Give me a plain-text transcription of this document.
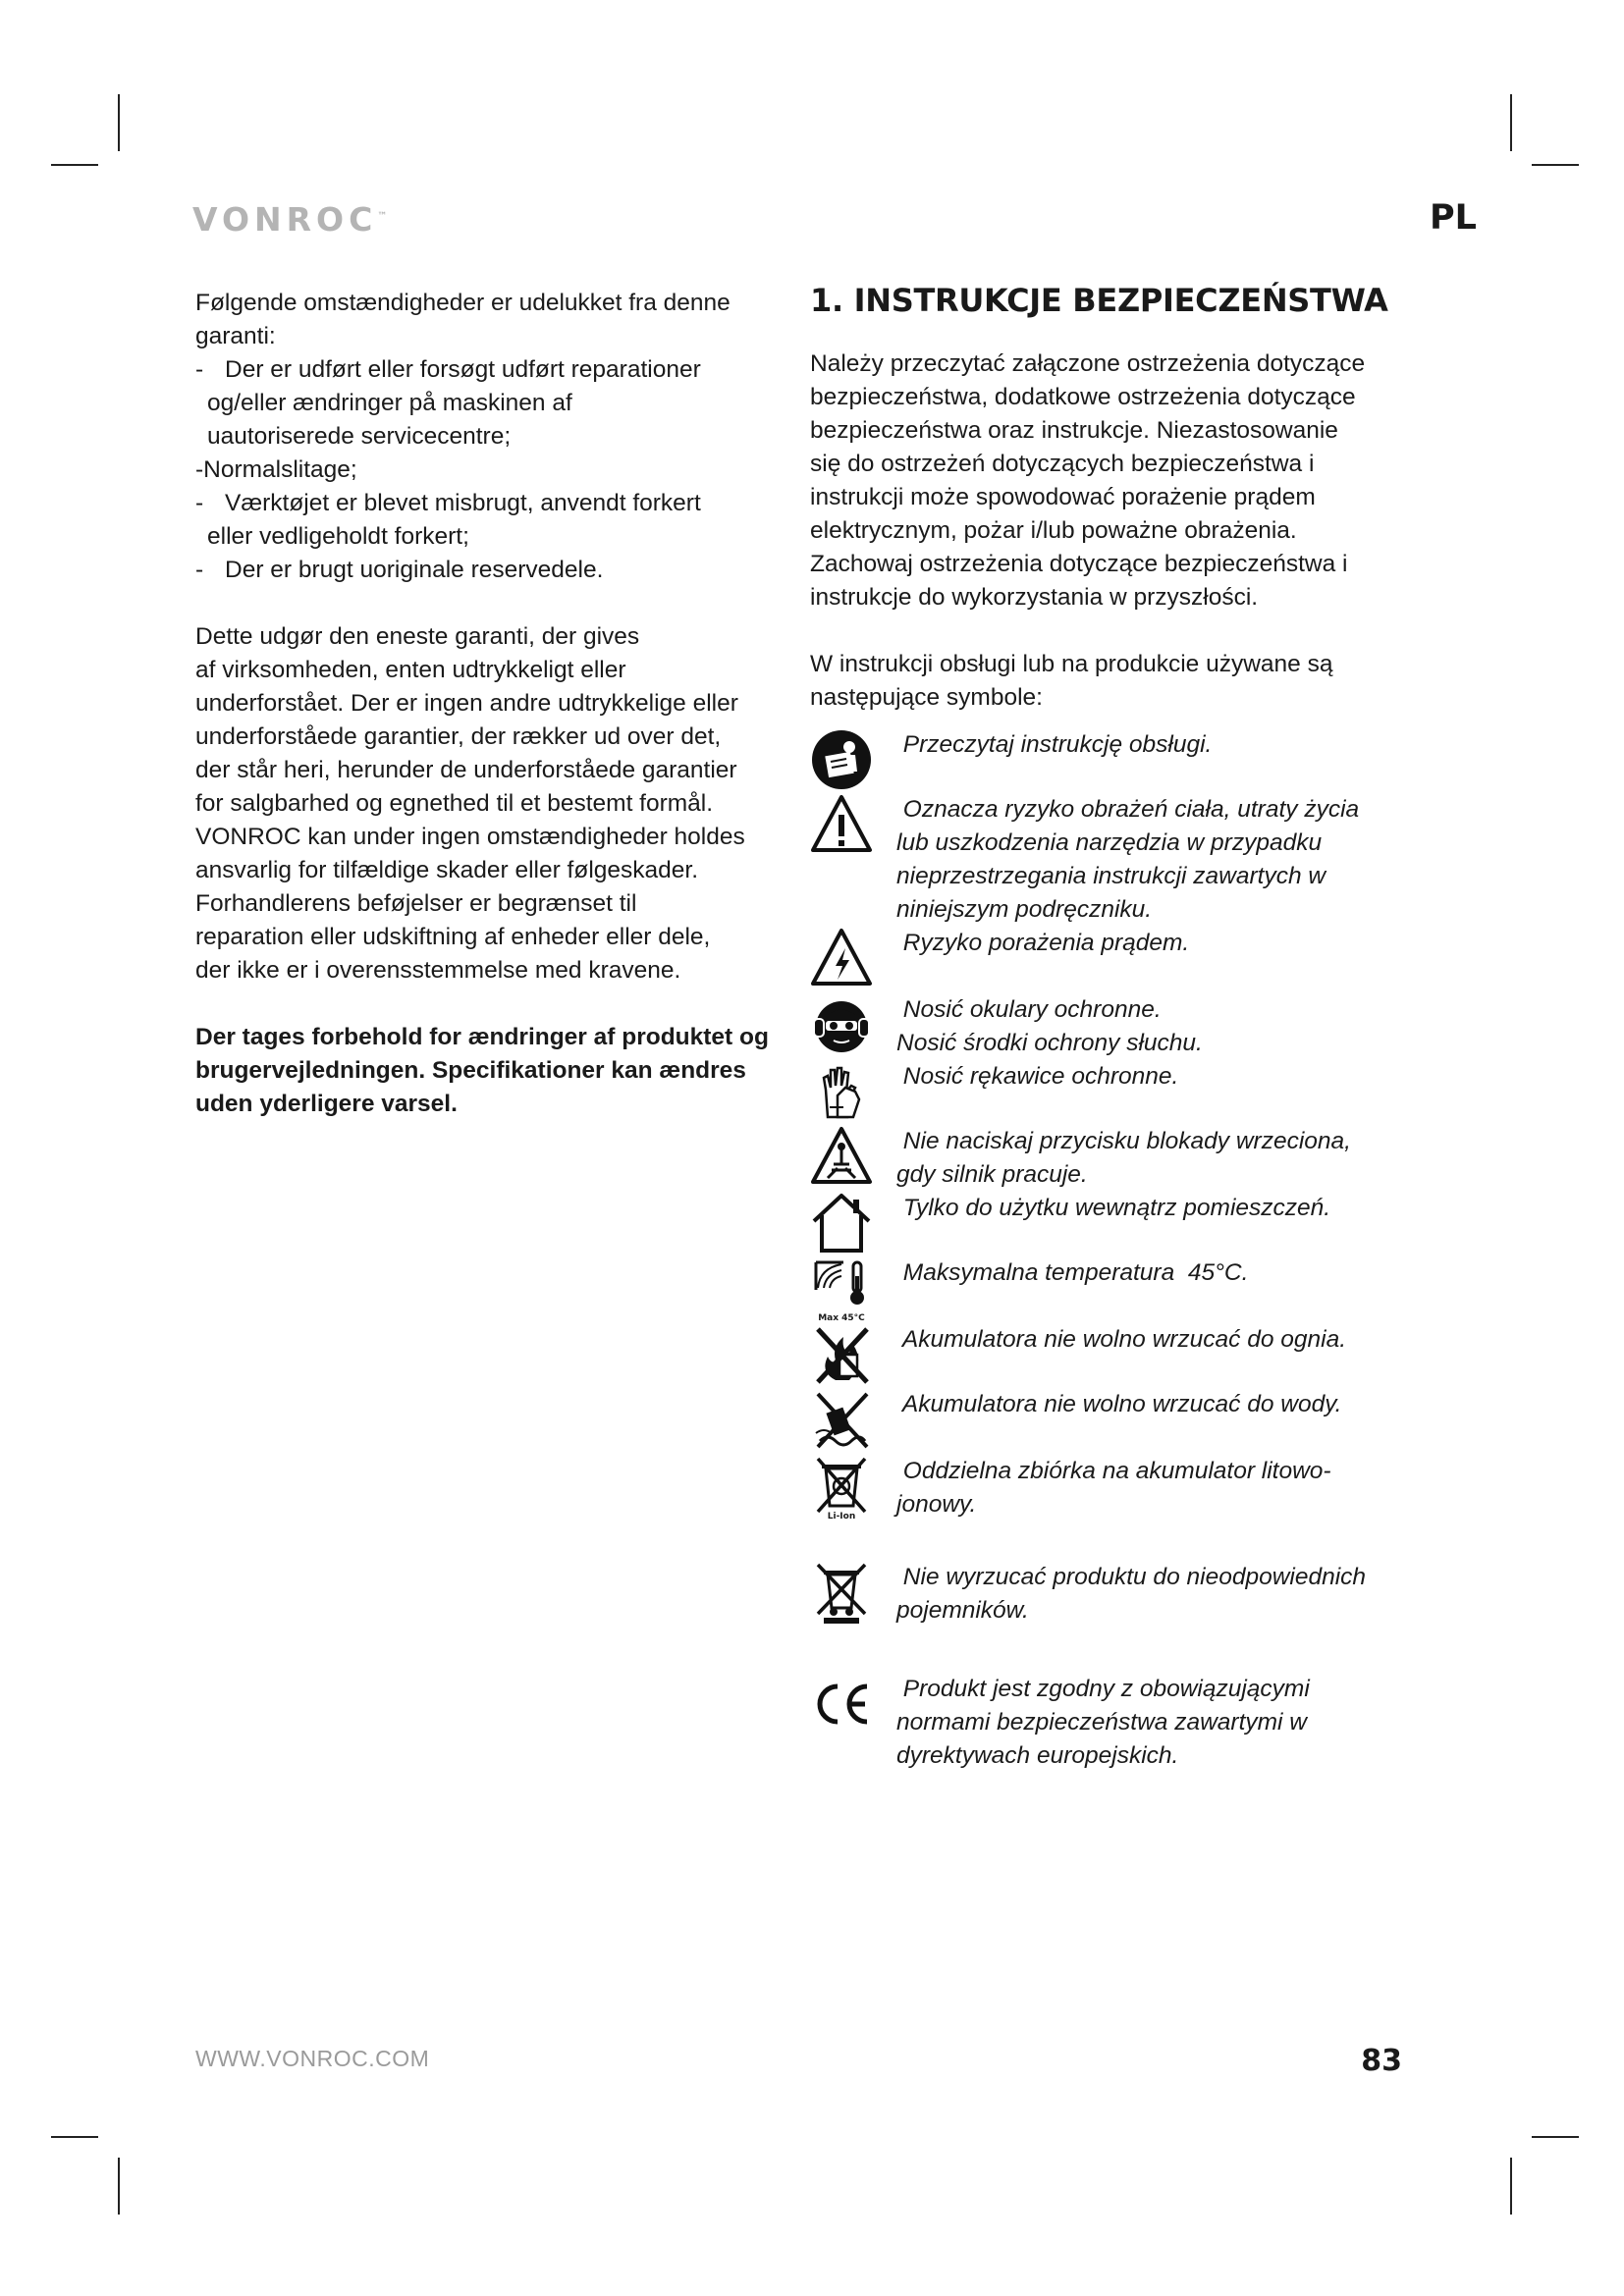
VONROC™	PL

Følgende omstændigheder er udelukket fra denne garanti:

- Der er udført eller forsøgt udført reparationer
og/eller ændringer på maskinen af
uautoriserede servicecentre;
-Normalslitage;
- Værktøjet er blevet misbrugt, anvendt forkert
eller vedligeholdt forkert;
- Der er brugt uoriginale reservedele.

Dette udgør den eneste garanti, der gives

af virksomheden, enten udtrykkeligt eller

underforstået. Der er ingen andre udtrykkelige eller

underforståede garantier, der rækker ud over det,

der står heri, herunder de underforståede garantier

for salgbarhed og egnethed til et bestemt formål.

VONROC kan under ingen omstændigheder holdes

ansvarlig for tilfældige skader eller følgeskader.

Forhandlerens beføjelser er begrænset til

reparation eller udskiftning af enheder eller dele,

der ikke er i overensstemmelse med kravene.

Der tages forbehold for ændringer af produktet og

brugervejledningen. Specifikationer kan ændres

uden yderligere varsel.

1. INSTRUKCJE BEZPIECZEŃSTWA

Należy przeczytać załączone ostrzeżenia dotyczące

bezpieczeństwa, dodatkowe ostrzeżenia dotyczące

bezpieczeństwa oraz instrukcje. Niezastosowanie

się do ostrzeżeń dotyczących bezpieczeństwa i

instrukcji może spowodować porażenie prądem

elektrycznym, pożar i/lub poważne obrażenia.

Zachowaj ostrzeżenia dotyczące bezpieczeństwa i

instrukcje do wykorzystania w przyszłości.

W instrukcji obsługi lub na produkcie używane są

następujące symbole:

Przeczytaj instrukcję obsługi.
Oznacza ryzyko obrażeń ciała, utraty życia
lub uszkodzenia narzędzia w przypadku
nieprzestrzegania instrukcji zawartych w
niniejszym podręczniku.
Ryzyko porażenia prądem.
Nosić okulary ochronne.
Nosić środki ochrony słuchu.
Nosić rękawice ochronne.
Nie naciskaj przycisku blokady wrzeciona,
gdy silnik pracuje.
Tylko do użytku wewnątrz pomieszczeń.
Max 45°C
Maksymalna temperatura  45°C.
Akumulatora nie wolno wrzucać do ognia.
Akumulatora nie wolno wrzucać do wody.
Li-Ion
Oddzielna zbiórka na akumulator litowo-
jonowy.
Nie wyrzucać produktu do nieodpowiednich
pojemników.
Produkt jest zgodny z obowiązującymi
normami bezpieczeństwa zawartymi w
dyrektywach europejskich.
WWW.VONROC.COM	83
